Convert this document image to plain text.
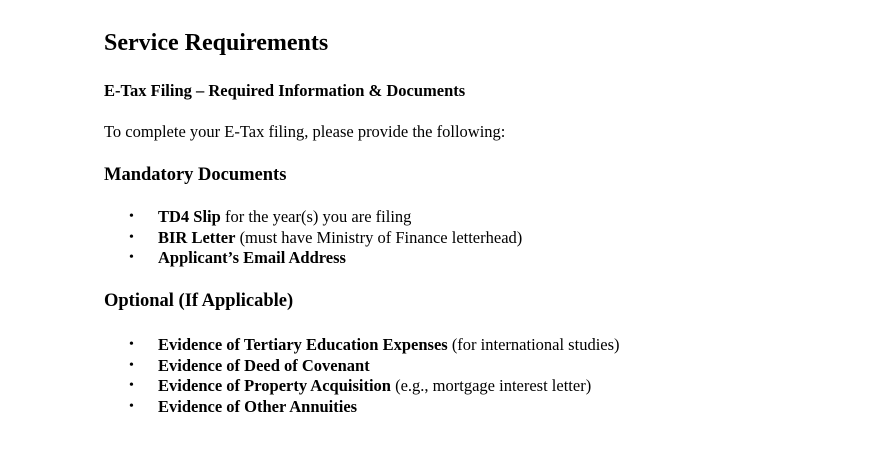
Service Requirements
E-Tax Filing – Required Information & Documents

To complete your E-Tax filing, please provide the following:

Mandatory Documents
• TD4 Slip for the year(s) you are filing
• BIR Letter (must have Ministry of Finance letterhead)
• Applicant’s Email Address
Optional (If Applicable)
• Evidence of Tertiary Education Expenses (for international studies)
• Evidence of Deed of Covenant
• Evidence of Property Acquisition (e.g., mortgage interest letter)
• Evidence of Other Annuities
